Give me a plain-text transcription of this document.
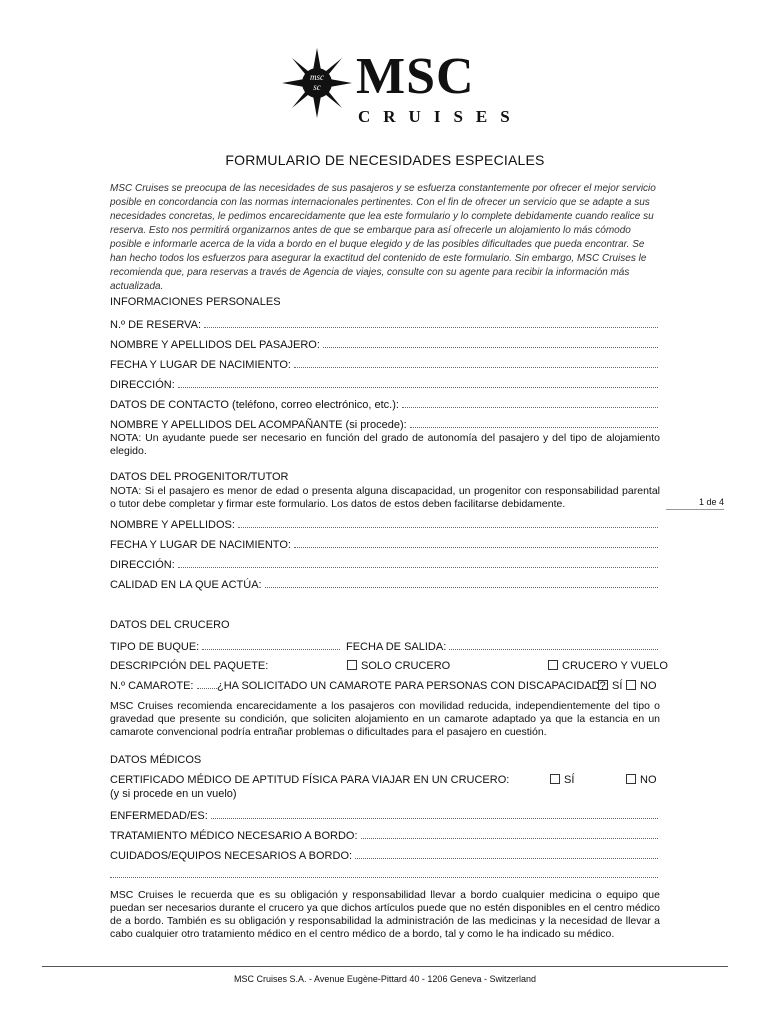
msc
sc MSC
CRUISES
FORMULARIO DE NECESIDADES ESPECIALES

MSC Cruises se preocupa de las necesidades de sus pasajeros y se esfuerza constantemente por ofrecer el mejor servicio posible en concordancia con las normas internacionales pertinentes. Con el fin de ofrecer un servicio que se adapte a sus necesidades concretas, le pedimos encarecidamente que lea este formulario y lo complete debidamente cuando realice su reserva. Esto nos permitirá organizarnos antes de que se embarque para así ofrecerle un alojamiento lo más cómodo posible e informarle acerca de la vida a bordo en el buque elegido y de las posibles dificultades que pueda encontrar. Se han hecho todos los esfuerzos para asegurar la exactitud del contenido de este formulario. Sin embargo, MSC Cruises le recomienda que, para reservas a través de Agencia de viajes, consulte con su agente para recibir la información más actualizada.

INFORMACIONES PERSONALES
N.º DE RESERVA:
NOMBRE Y APELLIDOS DEL PASAJERO:
FECHA Y LUGAR DE NACIMIENTO:
DIRECCIÓN:
DATOS DE CONTACTO (teléfono, correo electrónico, etc.):
NOMBRE Y APELLIDOS DEL ACOMPAÑANTE (si procede):

NOTA: Un ayudante puede ser necesario en función del grado de autonomía del pasajero y del tipo de alojamiento elegido.

DATOS DEL PROGENITOR/TUTOR

NOTA: Si el pasajero es menor de edad o presenta alguna discapacidad, un progenitor con responsabilidad parental o tutor debe completar y firmar este formulario. Los datos de estos deben facilitarse debidamente.	1 de 4
NOMBRE Y APELLIDOS:
FECHA Y LUGAR DE NACIMIENTO:
DIRECCIÓN:
CALIDAD EN LA QUE ACTÚA:
DATOS DEL CRUCERO
TIPO DE BUQUE:	FECHA DE SALIDA:
DESCRIPCIÓN DEL PAQUETE:	SOLO CRUCERO	CRUCERO Y VUELO
N.º CAMAROTE:	¿HA SOLICITADO UN CAMAROTE PARA PERSONAS CON DISCAPACIDAD?: SÍ	NO

MSC Cruises recomienda encarecidamente a los pasajeros con movilidad reducida, independientemente del tipo o gravedad que presente su condición, que soliciten alojamiento en un camarote adaptado ya que la estancia en un camarote convencional podría entrañar problemas o dificultades para el pasajero en cuestión.

DATOS MÉDICOS
CERTIFICADO MÉDICO DE APTITUD FÍSICA PARA VIAJAR EN UN CRUCERO:
(y si procede en un vuelo)
SÍ	NO
ENFERMEDAD/ES:
TRATAMIENTO MÉDICO NECESARIO A BORDO:
CUIDADOS/EQUIPOS NECESARIOS A BORDO:

MSC Cruises le recuerda que es su obligación y responsabilidad llevar a bordo cualquier medicina o equipo que puedan ser necesarios durante el crucero ya que dichos artículos puede que no estén disponibles en el centro médico de a bordo. También es su obligación y responsabilidad la administración de las medicinas y la necesidad de llevar a cabo cualquier otro tratamiento médico en el centro médico de a bordo, tal y como le ha indicado su médico.

MSC Cruises S.A. - Avenue Eugène-Pittard 40 - 1206 Geneva - Switzerland
